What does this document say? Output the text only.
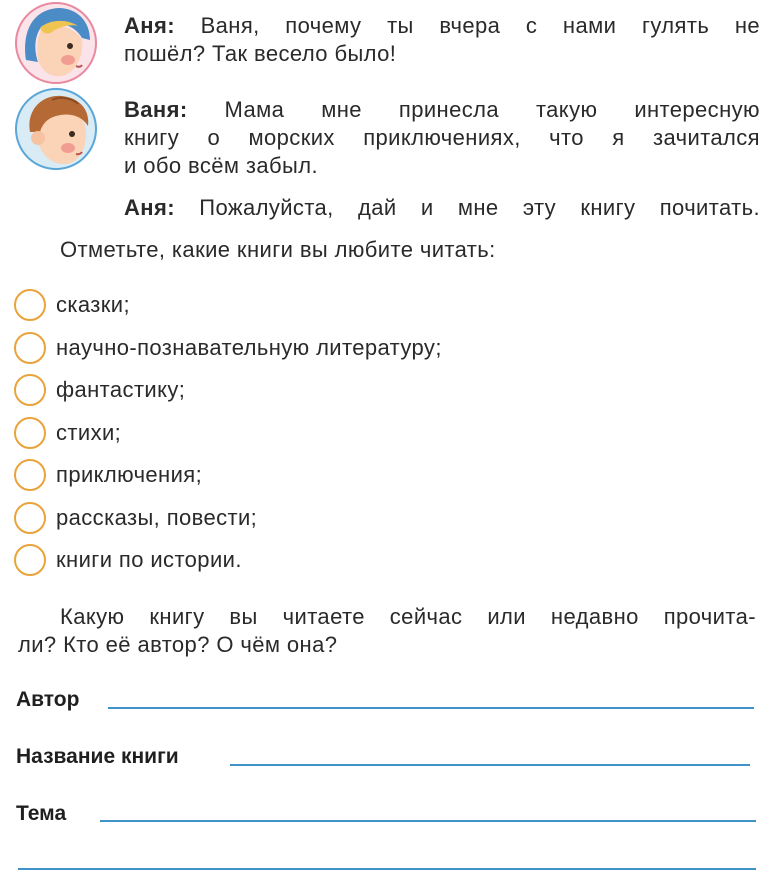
Аня: Ваня, почему ты вчера с нами гулять не
пошёл? Так весело было!
Ваня: Мама мне принесла такую интересную
книгу о морских приключениях, что я зачитался
и обо всём забыл.
Аня: Пожалуйста, дай и мне эту книгу почитать.
Отметьте, какие книги вы любите читать:
сказки;
научно-познавательную литературу;
фантастику;
стихи;
приключения;
рассказы, повести;
книги по истории.
Какую книгу вы читаете сейчас или недавно прочита-
ли? Кто её автор? О чём она?
Автор
Название книги
Тема
